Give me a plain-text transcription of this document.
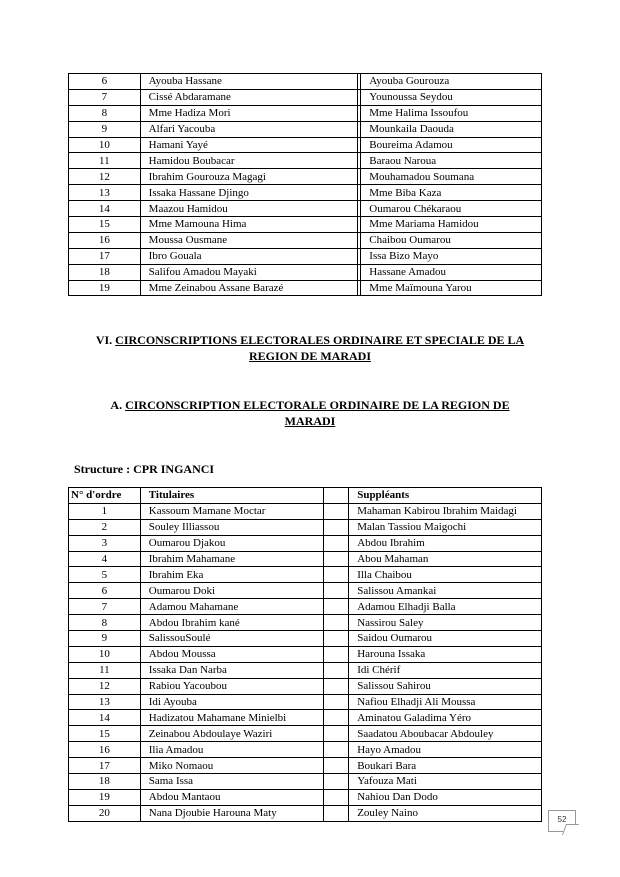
6	Ayouba Hassane		Ayouba Gourouza
7	Cissé Abdaramane		Younoussa Seydou
8	Mme Hadiza Mori		Mme Halima Issoufou
9	Alfari Yacouba		Mounkaila Daouda
10	Hamani Yayé		Boureima Adamou
11	Hamidou Boubacar		Baraou Naroua
12	Ibrahim Gourouza Magagi		Mouhamadou Soumana
13	Issaka Hassane Djingo		Mme Biba Kaza
14	Maazou Hamidou		Oumarou Chékaraou
15	Mme Mamouna Hima		Mme Mariama Hamidou
16	Moussa Ousmane		Chaibou Oumarou
17	Ibro Gouala		Issa Bizo Mayo
18	Salifou Amadou Mayaki		Hassane Amadou
19	Mme Zeinabou Assane Barazé		Mme Maïmouna Yarou
VI. CIRCONSCRIPTIONS ELECTORALES ORDINAIRE ET SPECIALE DE LA
REGION DE MARADI
A. CIRCONSCRIPTION ELECTORALE ORDINAIRE DE LA REGION DE
MARADI
Structure : CPR INGANCI
N° d'ordre	Titulaires		Suppléants
1	Kassoum Mamane Moctar		Mahaman Kabirou Ibrahim Maidagi
2	Souley Illiassou		Malan Tassiou Maigochi
3	Oumarou Djakou		Abdou Ibrahim
4	Ibrahim Mahamane		Abou Mahaman
5	Ibrahim Eka		Illa Chaibou
6	Oumarou Doki		Salissou Amankai
7	Adamou Mahamane		Adamou Elhadji Balla
8	Abdou Ibrahim kané		Nassirou Saley
9	SalissouSoulé		Saidou Oumarou
10	Abdou Moussa		Harouna Issaka
11	Issaka Dan Narba		Idi Chérif
12	Rabiou Yacoubou		Salissou Sahirou
13	Idi Ayouba		Nafiou Elhadji Ali Moussa
14	Hadizatou Mahamane Minielbi		Aminatou Galadima Yéro
15	Zeinabou Abdoulaye Waziri		Saadatou Aboubacar Abdouley
16	Ilia Amadou		Hayo Amadou
17	Miko Nomaou		Boukari Bara
18	Sama Issa		Yafouza Mati
19	Abdou Mantaou		Nahiou Dan Dodo
20	Nana Djoubie Harouna Maty		Zouley Naino
52
